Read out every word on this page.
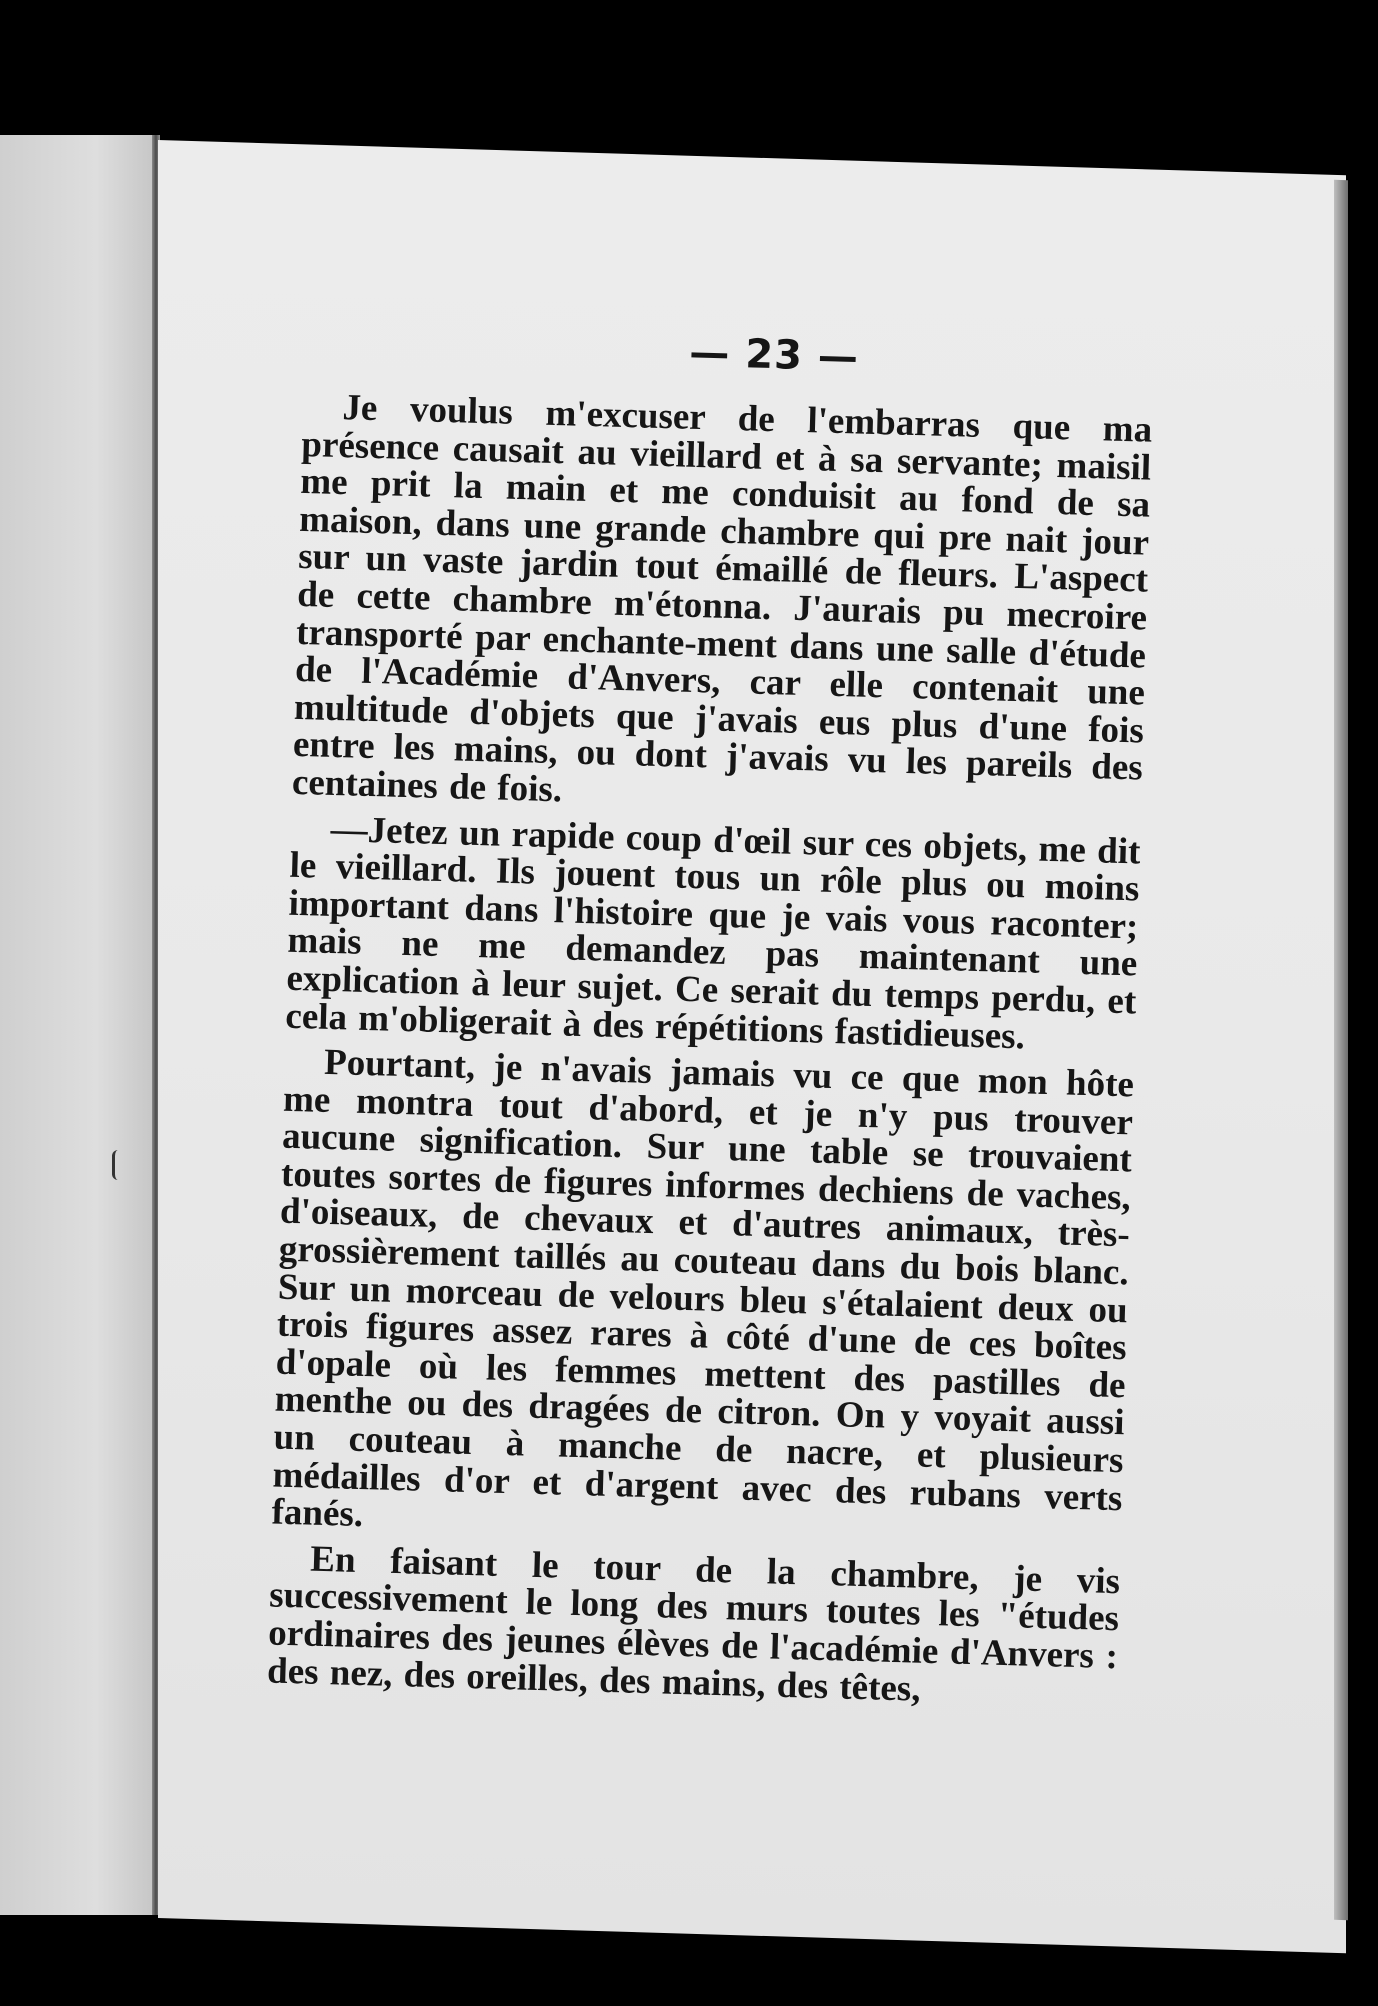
— 23 —

Je voulus m'excuser de l'embarras que ma présence causait au vieillard et à sa servante; maisil me prit la main et me conduisit au fond de sa maison, dans une grande chambre qui pre nait jour sur un vaste jardin tout émaillé de fleurs. L'aspect de cette chambre m'étonna. J'aurais pu mecroire transporté par enchante-ment dans une salle d'étude de l'Académie d'Anvers, car elle contenait une multitude d'objets que j'avais eus plus d'une fois entre les mains, ou dont j'avais vu les pareils des centaines de fois.

—Jetez un rapide coup d'œil sur ces objets, me dit le vieillard. Ils jouent tous un rôle plus ou moins important dans l'histoire que je vais vous raconter; mais ne me demandez pas maintenant une explication à leur sujet. Ce serait du temps perdu, et cela m'obligerait à des répétitions fastidieuses.

Pourtant, je n'avais jamais vu ce que mon hôte me montra tout d'abord, et je n'y pus trouver aucune signification. Sur une table se trouvaient toutes sortes de figures informes dechiens de vaches, d'oiseaux, de chevaux et d'autres animaux, très-grossièrement taillés au couteau dans du bois blanc. Sur un morceau de velours bleu s'étalaient deux ou trois figures assez rares à côté d'une de ces boîtes d'opale où les femmes mettent des pastilles de menthe ou des dragées de citron. On y voyait aussi un couteau à manche de nacre, et plusieurs médailles d'or et d'argent avec des rubans verts fanés.

En faisant le tour de la chambre, je vis successivement le long des murs toutes les "études ordinaires des jeunes élèves de l'académie d'Anvers : des nez, des oreilles, des mains, des têtes,
